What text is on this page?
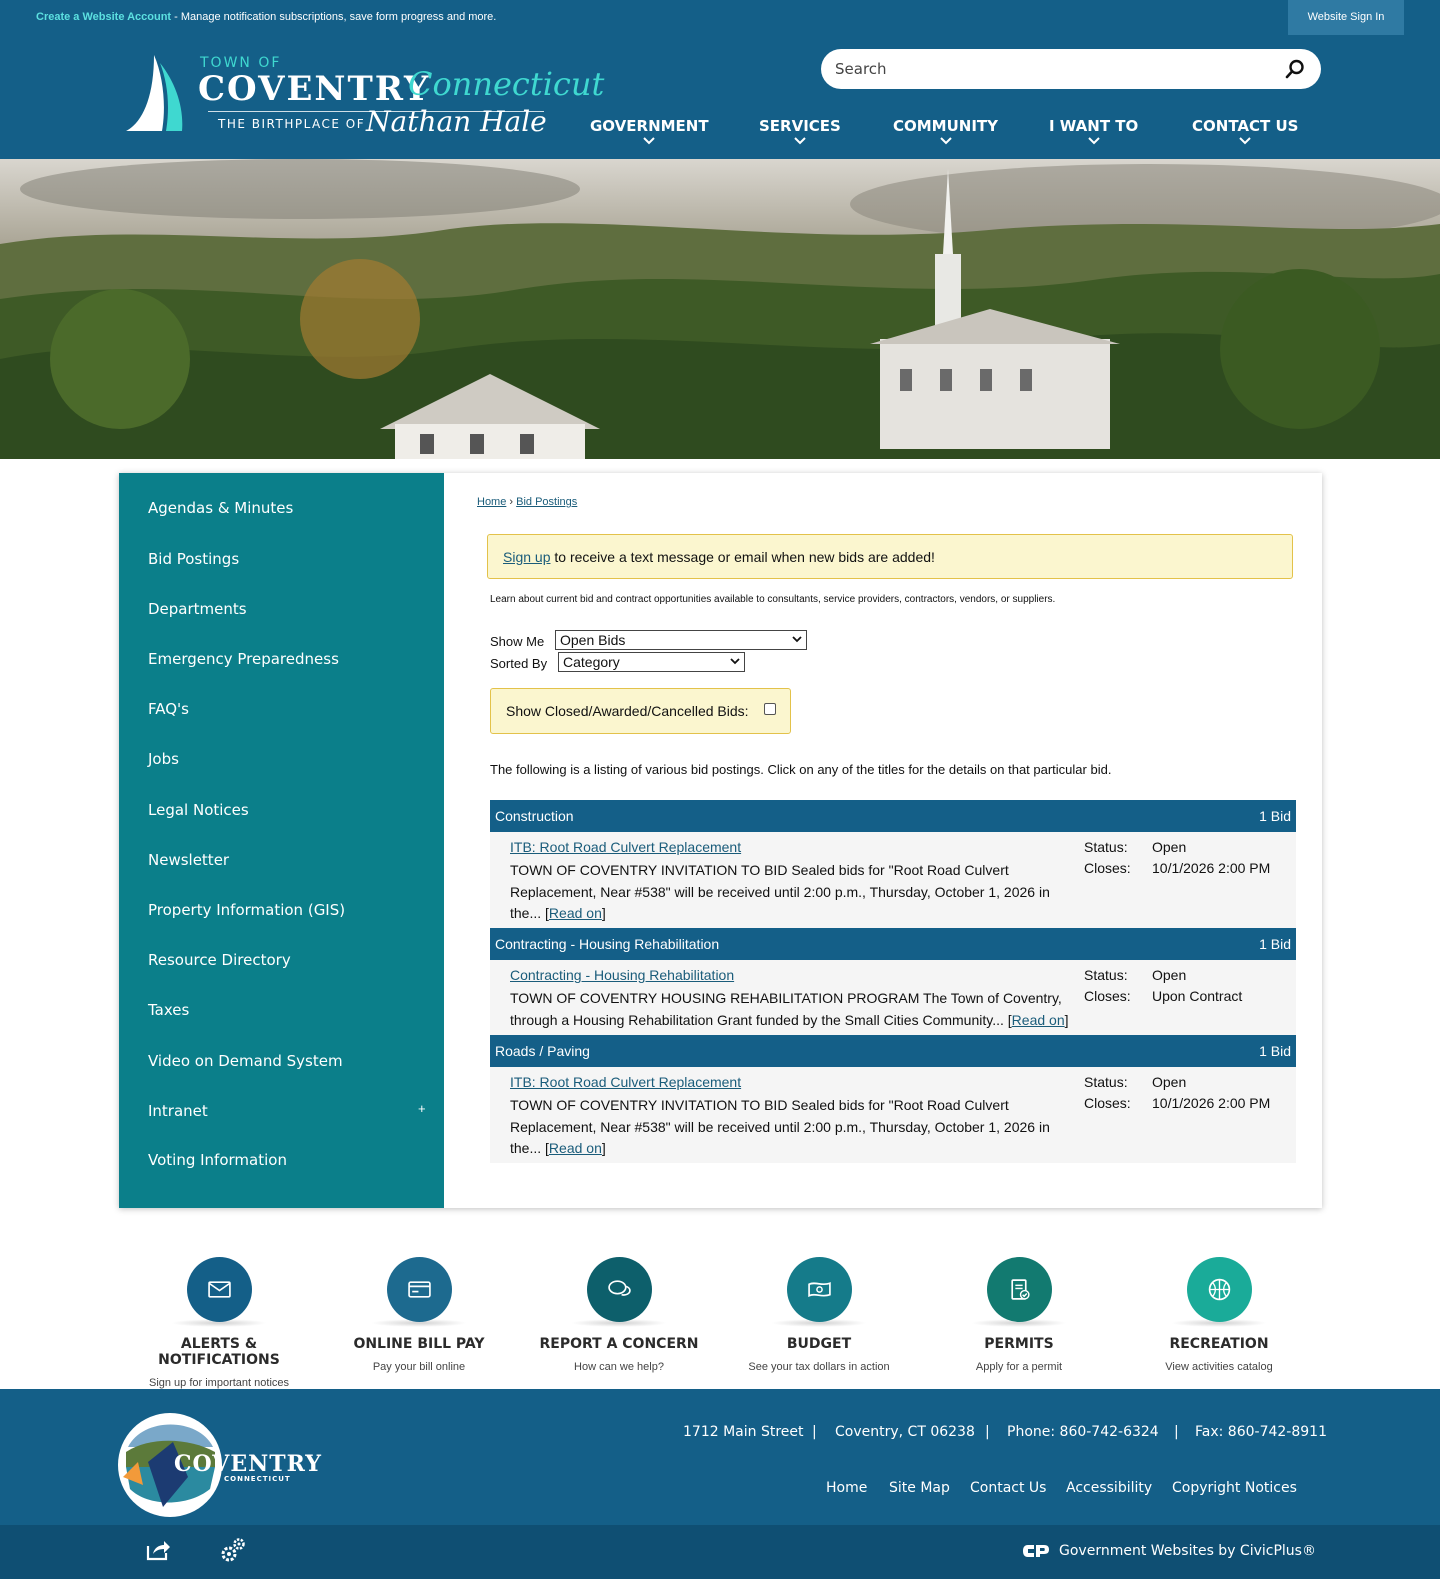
Create a Website Account - Manage notification subscriptions, save form progress and more.	Website Sign In
TOWN OF
COVENTRY
Connecticut
THE BIRTHPLACE OF Nathan Hale
Search	GOVERNMENT	SERVICES	COMMUNITY	I WANT TO	CONTACT US
Agendas & Minutes
Bid Postings
Departments
Emergency Preparedness
FAQ's
Jobs
Legal Notices
Newsletter
Property Information (GIS)
Resource Directory
Taxes
Video on Demand System
Intranet	+
Voting Information
Home › Bid Postings
Sign up to receive a text message or email when new bids are added!
Learn about current bid and contract opportunities available to consultants, service providers, contractors, vendors, or suppliers.
Show Me	Open Bids
Sorted By	Category
Show Closed/Awarded/Cancelled Bids:
The following is a listing of various bid postings. Click on any of the titles for the details on that particular bid.
Construction	1 Bid
ITB: Root Road Culvert Replacement
TOWN OF COVENTRY INVITATION TO BID Sealed bids for "Root Road Culvert Replacement, Near #538" will be received until 2:00 p.m., Thursday, October 1, 2026 in the... [Read on]
Status: Open
Closes: 10/1/2026 2:00 PM
Contracting - Housing Rehabilitation	1 Bid
Contracting - Housing Rehabilitation
TOWN OF COVENTRY HOUSING REHABILITATION PROGRAM The Town of Coventry, through a Housing Rehabilitation Grant funded by the Small Cities Community... [Read on]
Status: Open
Closes: Upon Contract
Roads / Paving	1 Bid
ITB: Root Road Culvert Replacement
TOWN OF COVENTRY INVITATION TO BID Sealed bids for "Root Road Culvert Replacement, Near #538" will be received until 2:00 p.m., Thursday, October 1, 2026 in the... [Read on]
Status: Open
Closes: 10/1/2026 2:00 PM
ALERTS & NOTIFICATIONS
Sign up for important notices
ONLINE BILL PAY
Pay your bill online
REPORT A CONCERN
How can we help?
BUDGET
See your tax dollars in action
PERMITS
Apply for a permit
RECREATION
View activities catalog
COVENTRY
CONNECTICUT
1712 Main Street | Coventry, CT 06238 | Phone: 860-742-6324 | Fax: 860-742-8911
Home Site Map Contact Us Accessibility Copyright Notices
Government Websites by CivicPlus®
